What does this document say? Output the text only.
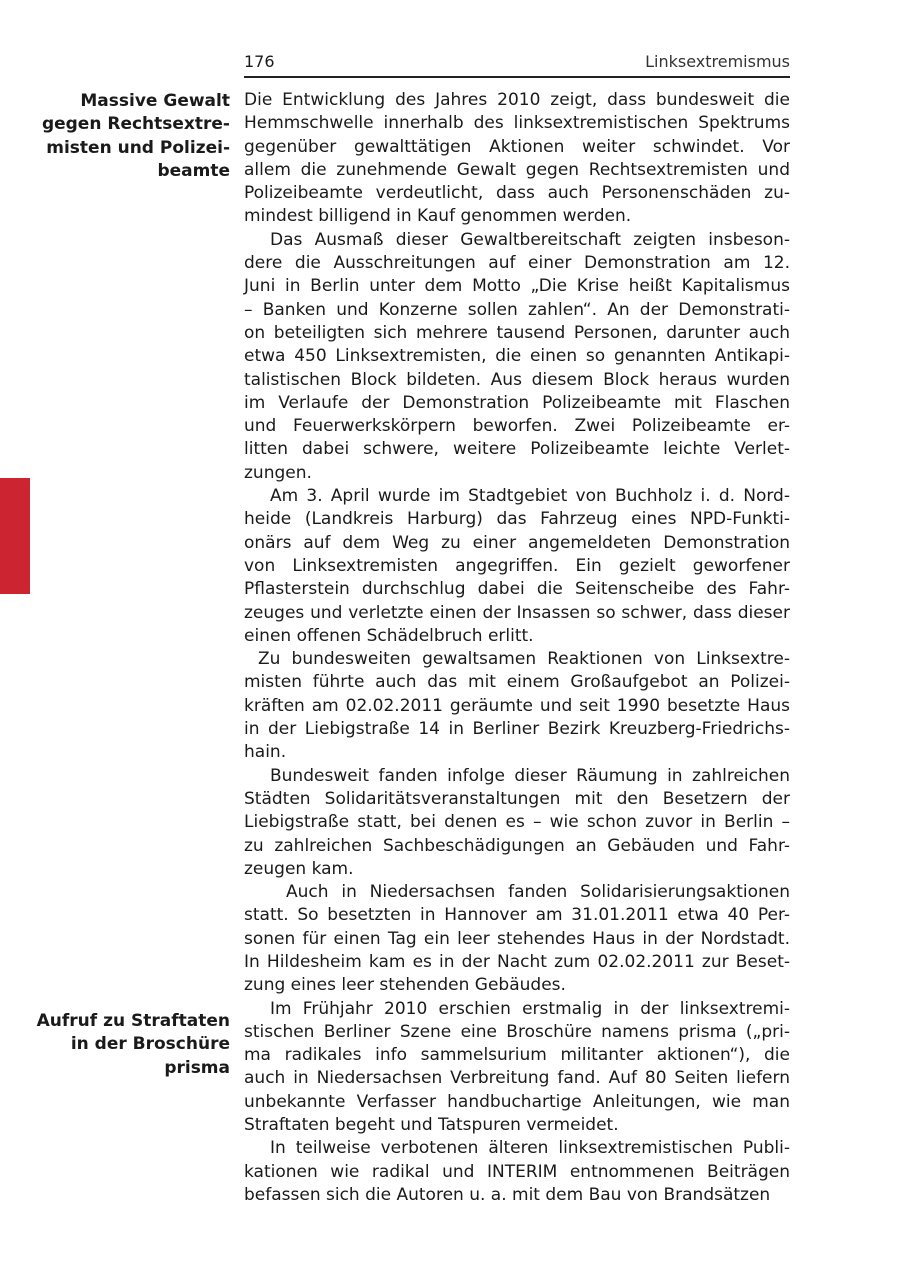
176	Linksextremismus
Massive Gewalt
gegen Rechtsextre-
misten und Polizei-
beamte
Aufruf zu Straftaten
in der Broschüre
prisma

Die Entwicklung des Jahres 2010 zeigt, dass bundesweit die
Hemmschwelle innerhalb des linksextremistischen Spektrums
gegenüber gewalttätigen Aktionen weiter schwindet. Vor
allem die zunehmende Gewalt gegen Rechtsextremisten und
Polizeibeamte verdeutlicht, dass auch Personenschäden zu-
mindest billigend in Kauf genommen werden.

Das Ausmaß dieser Gewaltbereitschaft zeigten insbeson-
dere die Ausschreitungen auf einer Demonstration am 12.
Juni in Berlin unter dem Motto „Die Krise heißt Kapitalismus
– Banken und Konzerne sollen zahlen“. An der Demonstrati-
on beteiligten sich mehrere tausend Personen, darunter auch
etwa 450 Linksextremisten, die einen so genannten Antikapi-
talistischen Block bildeten. Aus diesem Block heraus wurden
im Verlaufe der Demonstration Polizeibeamte mit Flaschen
und Feuerwerkskörpern beworfen. Zwei Polizeibeamte er-
litten dabei schwere, weitere Polizeibeamte leichte Verlet-
zungen.

Am 3. April wurde im Stadtgebiet von Buchholz i. d. Nord-
heide (Landkreis Harburg) das Fahrzeug eines NPD-Funkti-
onärs auf dem Weg zu einer angemeldeten Demonstration
von Linksextremisten angegriffen. Ein gezielt geworfener
Pflasterstein durchschlug dabei die Seitenscheibe des Fahr-
zeuges und verletzte einen der Insassen so schwer, dass dieser
einen offenen Schädelbruch erlitt.

Zu bundesweiten gewaltsamen Reaktionen von Linksextre-
misten führte auch das mit einem Großaufgebot an Polizei-
kräften am 02.02.2011 geräumte und seit 1990 besetzte Haus
in der Liebigstraße 14 in Berliner Bezirk Kreuzberg-Friedrichs-
hain.

Bundesweit fanden infolge dieser Räumung in zahlreichen
Städten Solidaritätsveranstaltungen mit den Besetzern der
Liebigstraße statt, bei denen es – wie schon zuvor in Berlin –
zu zahlreichen Sachbeschädigungen an Gebäuden und Fahr-
zeugen kam.

Auch in Niedersachsen fanden Solidarisierungsaktionen
statt. So besetzten in Hannover am 31.01.2011 etwa 40 Per-
sonen für einen Tag ein leer stehendes Haus in der Nordstadt.
In Hildesheim kam es in der Nacht zum 02.02.2011 zur Beset-
zung eines leer stehenden Gebäudes.

Im Frühjahr 2010 erschien erstmalig in der linksextremi-
stischen Berliner Szene eine Broschüre namens prisma („pri-
ma radikales info sammelsurium militanter aktionen“), die
auch in Niedersachsen Verbreitung fand. Auf 80 Seiten liefern
unbekannte Verfasser handbuchartige Anleitungen, wie man
Straftaten begeht und Tatspuren vermeidet.

In teilweise verbotenen älteren linksextremistischen Publi-
kationen wie radikal und INTERIM entnommenen Beiträgen
befassen sich die Autoren u. a. mit dem Bau von Brandsätzen
